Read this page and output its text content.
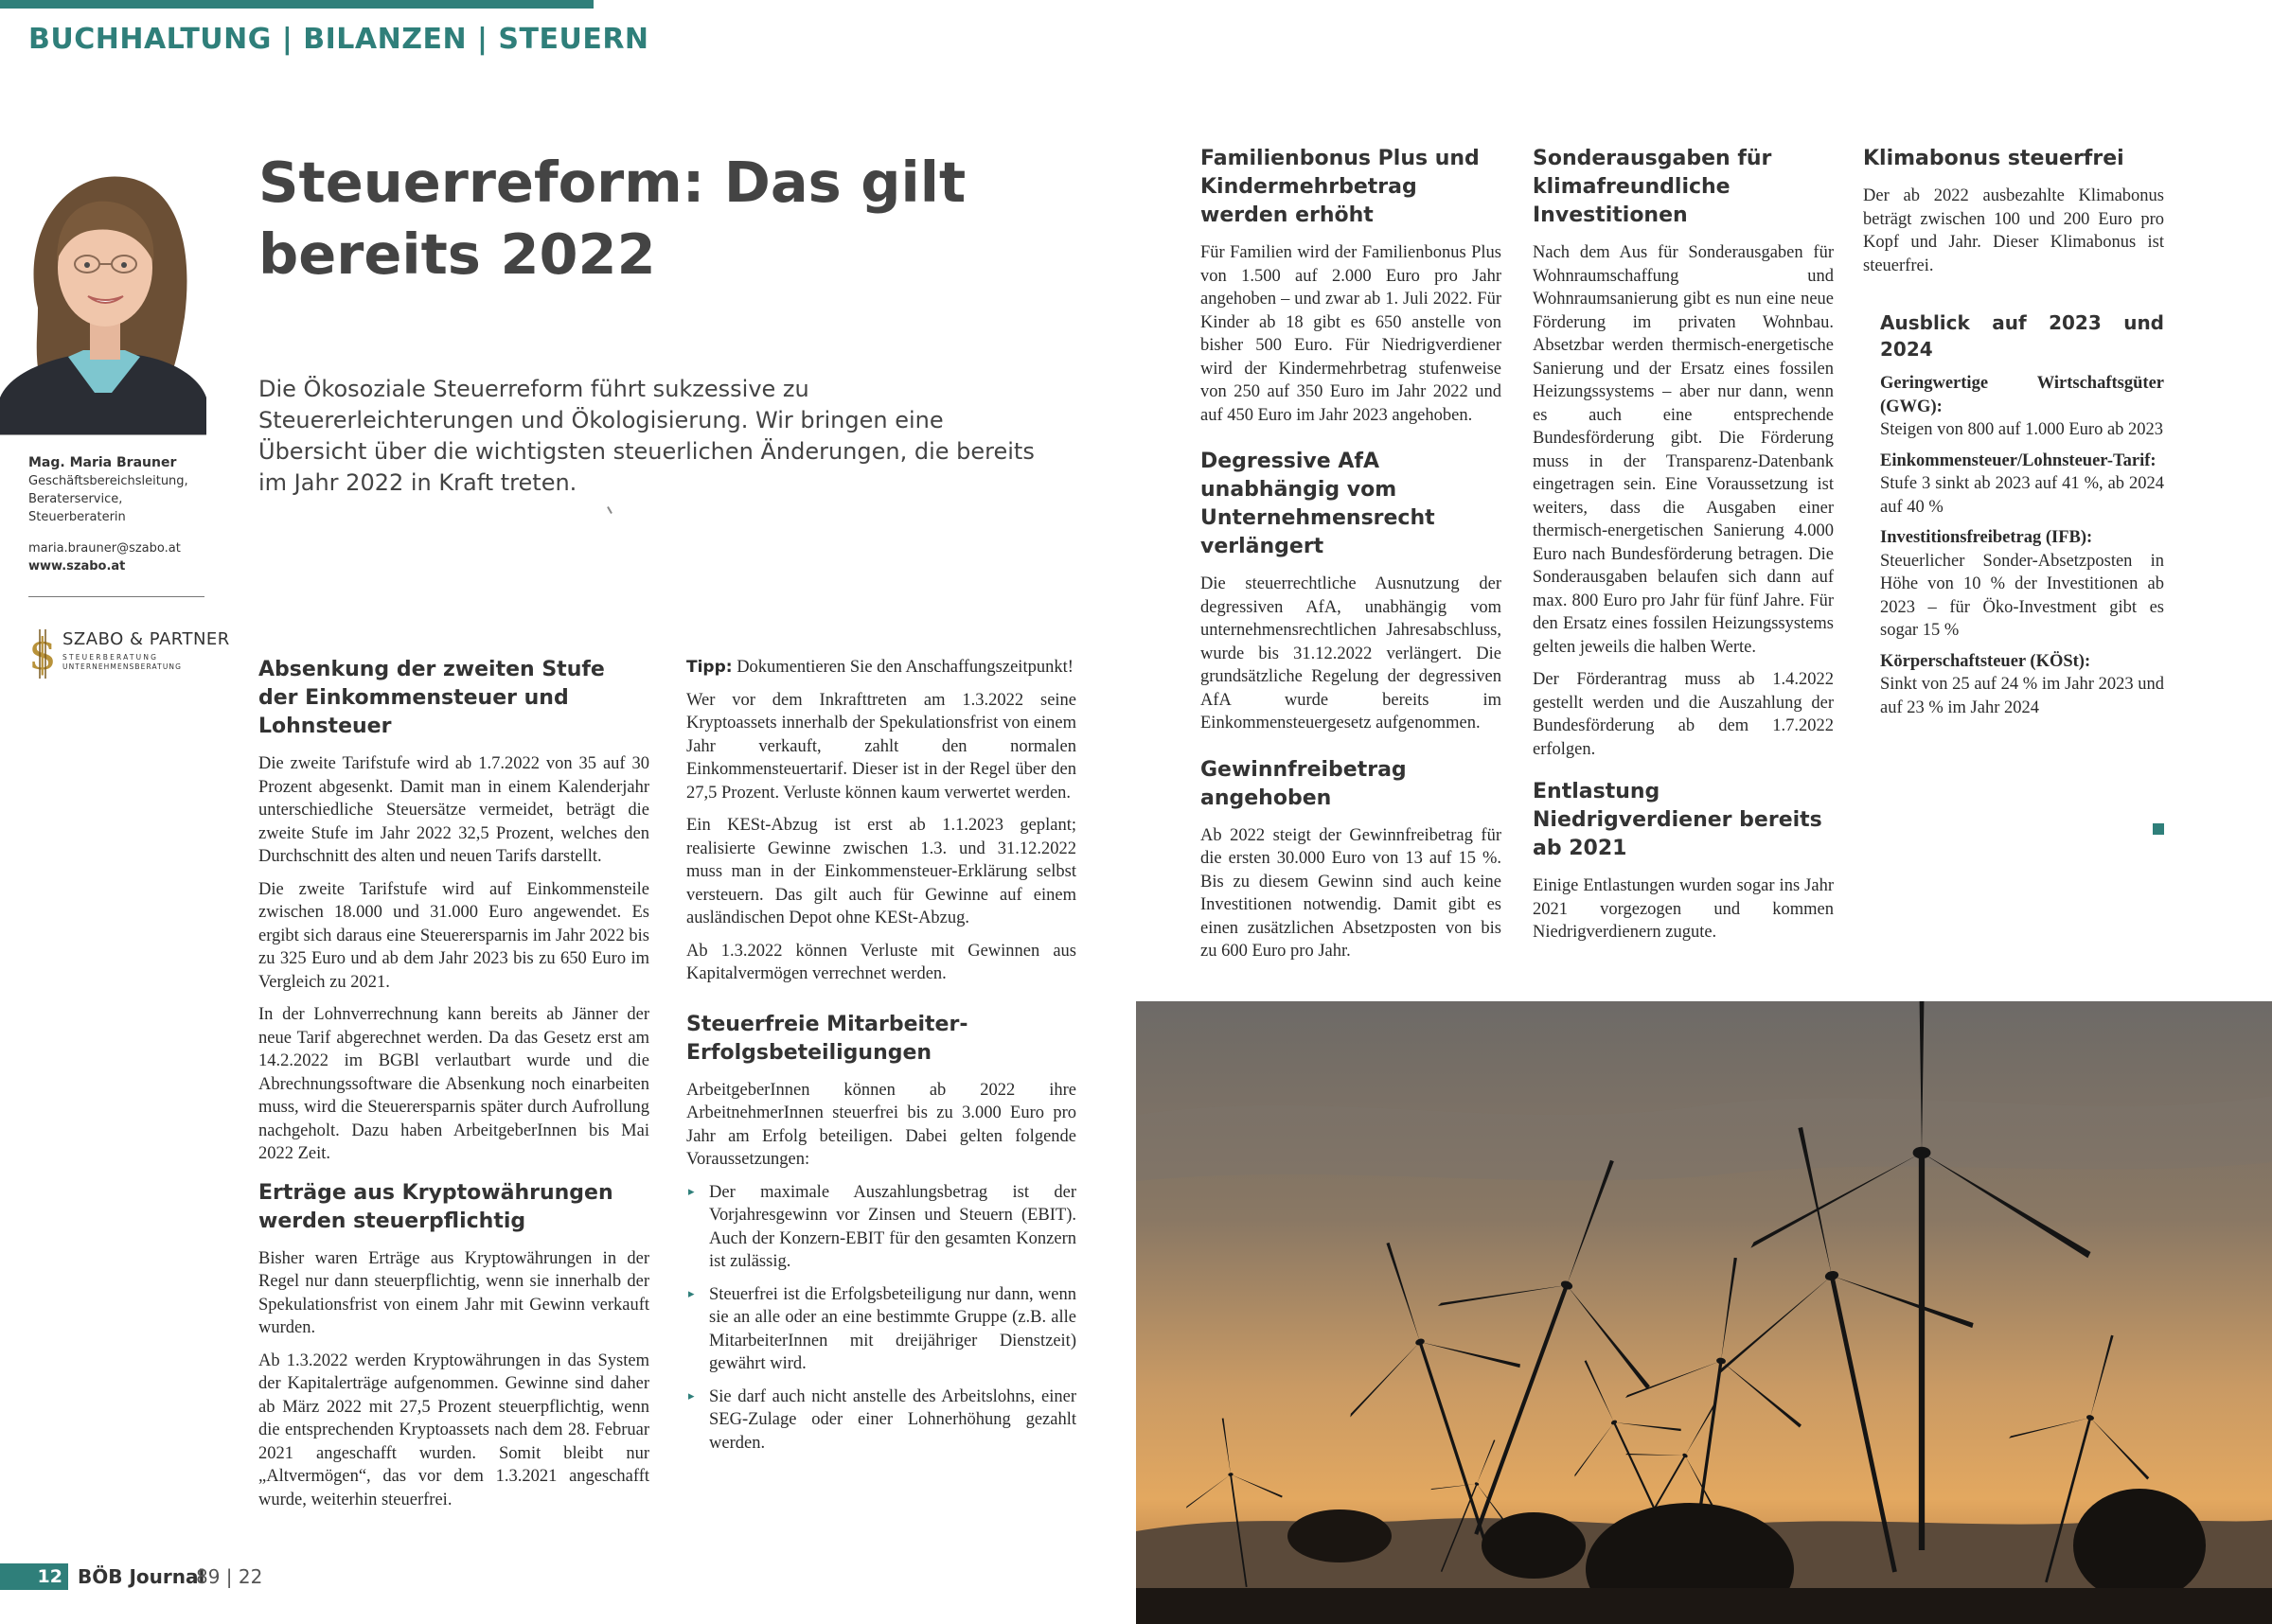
BUCHHALTUNG | BILANZEN | STEUERN
Mag. Maria Brauner
Geschäftsbereichsleitung,
Beraterservice,
Steuerberaterin
maria.brauner@szabo.at
www.szabo.at
$ SZABO & PARTNER
STEUERBERATUNG
UNTERNEHMENSBERATUNG
Steuerreform: Das gilt bereits 2022

Die Ökosoziale Steuerreform führt sukzessive zu Steuererleichterungen und Ökologisierung. Wir bringen eine Übersicht über die wichtigsten steuerlichen Änderungen, die bereits im Jahr 2022 in Kraft treten.

Absenkung der zweiten Stufe der Einkommensteuer und Lohnsteuer

Die zweite Tarifstufe wird ab 1.7.2022 von 35 auf 30 Prozent abgesenkt. Damit man in einem Kalenderjahr unterschiedliche Steuersätze vermeidet, beträgt die zweite Stufe im Jahr 2022 32,5 Prozent, welches den Durchschnitt des alten und neuen Tarifs darstellt.

Die zweite Tarifstufe wird auf Einkommensteile zwischen 18.000 und 31.000 Euro angewendet. Es ergibt sich daraus eine Steuerersparnis im Jahr 2022 bis zu 325 Euro und ab dem Jahr 2023 bis zu 650 Euro im Vergleich zu 2021.

In der Lohnverrechnung kann bereits ab Jänner der neue Tarif abgerechnet werden. Da das Gesetz erst am 14.2.2022 im BGBl verlautbart wurde und die Abrechnungssoftware die Absenkung noch einarbeiten muss, wird die Steuerersparnis später durch Aufrollung nachgeholt. Dazu haben ArbeitgeberInnen bis Mai 2022 Zeit.

Erträge aus Kryptowährungen werden steuerpflichtig

Bisher waren Erträge aus Kryptowährungen in der Regel nur dann steuerpflichtig, wenn sie innerhalb der Spekulationsfrist von einem Jahr mit Gewinn verkauft wurden.

Ab 1.3.2022 werden Kryptowährungen in das System der Kapitalerträge aufgenommen. Gewinne sind daher ab März 2022 mit 27,5 Prozent steuerpflichtig, wenn die entsprechenden Kryptoassets nach dem 28. Februar 2021 angeschafft wurden. Somit bleibt nur „Altvermögen“, das vor dem 1.3.2021 angeschafft wurde, weiterhin steuerfrei.

Tipp: Dokumentieren Sie den Anschaffungszeitpunkt!

Wer vor dem Inkrafttreten am 1.3.2022 seine Kryptoassets innerhalb der Spekulationsfrist von einem Jahr verkauft, zahlt den normalen Einkommensteuertarif. Dieser ist in der Regel über den 27,5 Prozent. Verluste können kaum verwertet werden.

Ein KESt-Abzug ist erst ab 1.1.2023 geplant; realisierte Gewinne zwischen 1.3. und 31.12.2022 muss man in der Einkommensteuer-Erklärung selbst versteuern. Das gilt auch für Gewinne auf einem ausländischen Depot ohne KESt-Abzug.

Ab 1.3.2022 können Verluste mit Gewinnen aus Kapitalvermögen verrechnet werden.

Steuerfreie Mitarbeiter-Erfolgsbeteiligungen

ArbeitgeberInnen können ab 2022 ihre ArbeitnehmerInnen steuerfrei bis zu 3.000 Euro pro Jahr am Erfolg beteiligen. Dabei gelten folgende Voraussetzungen:

▸ Der maximale Auszahlungsbetrag ist der Vorjahresgewinn vor Zinsen und Steuern (EBIT). Auch der Konzern-EBIT für den gesamten Konzern ist zulässig.
▸ Steuerfrei ist die Erfolgsbeteiligung nur dann, wenn sie an alle oder an eine bestimmte Gruppe (z.B. alle MitarbeiterInnen mit dreijähriger Dienstzeit) gewährt wird.
▸ Sie darf auch nicht anstelle des Arbeitslohns, einer SEG-Zulage oder einer Lohnerhöhung gezahlt werden.
Familienbonus Plus und Kindermehrbetrag werden erhöht

Für Familien wird der Familienbonus Plus von 1.500 auf 2.000 Euro pro Jahr angehoben – und zwar ab 1. Juli 2022. Für Kinder ab 18 gibt es 650 anstelle von bisher 500 Euro. Für Niedrigverdiener wird der Kindermehrbetrag stufenweise von 250 auf 350 Euro im Jahr 2022 und auf 450 Euro im Jahr 2023 angehoben.

Degressive AfA unabhängig vom Unternehmensrecht verlängert

Die steuerrechtliche Ausnutzung der degressiven AfA, unabhängig vom unternehmensrechtlichen Jahresabschluss, wurde bis 31.12.2022 verlängert. Die grundsätzliche Regelung der degressiven AfA wurde bereits im Einkommensteuergesetz aufgenommen.

Gewinnfreibetrag angehoben

Ab 2022 steigt der Gewinnfreibetrag für die ersten 30.000 Euro von 13 auf 15 %. Bis zu diesem Gewinn sind auch keine Investitionen notwendig. Damit gibt es einen zusätzlichen Absetzposten von bis zu 600 Euro pro Jahr.

Sonderausgaben für klimafreundliche Investitionen

Nach dem Aus für Sonderausgaben für Wohnraumschaffung und Wohnraumsanierung gibt es nun eine neue Förderung im privaten Wohnbau. Absetzbar werden thermisch-energetische Sanierung und der Ersatz eines fossilen Heizungssystems – aber nur dann, wenn es auch eine entsprechende Bundesförderung gibt. Die Förderung muss in der Transparenz-Datenbank eingetragen sein. Eine Voraussetzung ist weiters, dass die Ausgaben einer thermisch-energetischen Sanierung 4.000 Euro nach Bundesförderung betragen. Die Sonderausgaben belaufen sich dann auf max. 800 Euro pro Jahr für fünf Jahre. Für den Ersatz eines fossilen Heizungssystems gelten jeweils die halben Werte.

Der Förderantrag muss ab 1.4.2022 gestellt werden und die Auszahlung der Bundesförderung ab dem 1.7.2022 erfolgen.

Entlastung Niedrigverdiener bereits ab 2021

Einige Entlastungen wurden sogar ins Jahr 2021 vorgezogen und kommen Niedrigverdienern zugute.

Klimabonus steuerfrei

Der ab 2022 ausbezahlte Klimabonus beträgt zwischen 100 und 200 Euro pro Kopf und Jahr. Dieser Klimabonus ist steuerfrei.

Ausblick auf 2023 und 2024

Geringwertige Wirtschaftsgüter (GWG):
Steigen von 800 auf 1.000 Euro ab 2023

Einkommensteuer/Lohnsteuer-Tarif:
Stufe 3 sinkt ab 2023 auf 41 %, ab 2024 auf 40 %

Investitionsfreibetrag (IFB):
Steuerlicher Sonder-Absetzposten in Höhe von 10 % der Investitionen ab 2023 – für Öko-Investment gibt es sogar 15 %

Körperschaftsteuer (KÖSt):
Sinkt von 25 auf 24 % im Jahr 2023 und auf 23 % im Jahr 2024

12 BÖB Journal
89 | 22
